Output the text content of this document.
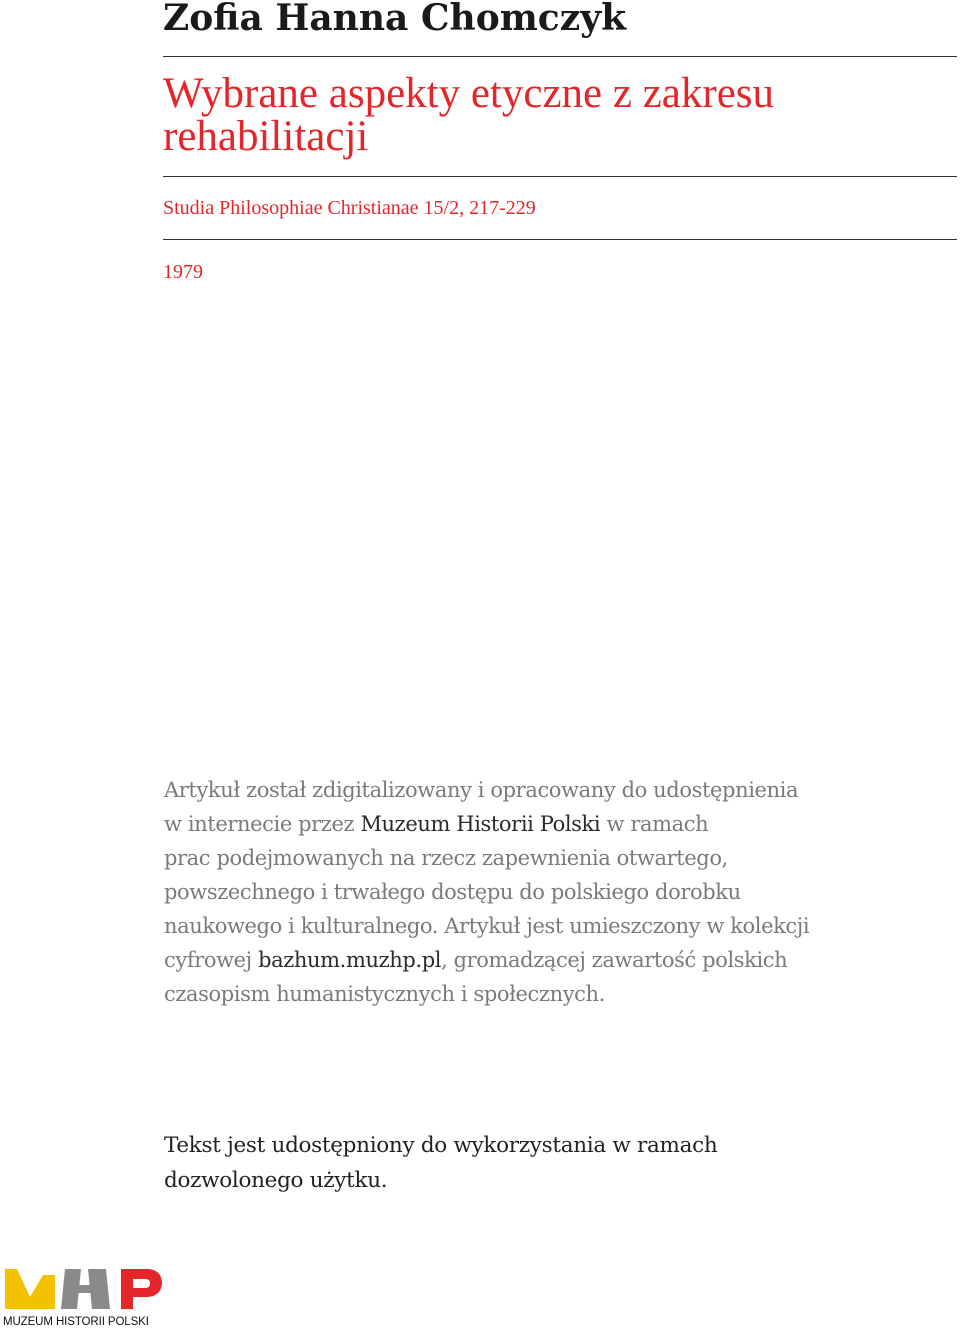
Zofia Hanna Chomczyk
Wybrane aspekty etyczne z zakresu rehabilitacji
Studia Philosophiae Christianae 15/2, 217-229
1979
Artykuł został zdigitalizowany i opracowany do udostępnienia
w internecie przez Muzeum Historii Polski w ramach
prac podejmowanych na rzecz zapewnienia otwartego,
powszechnego i trwałego dostępu do polskiego dorobku
naukowego i kulturalnego. Artykuł jest umieszczony w kolekcji
cyfrowej bazhum.muzhp.pl, gromadzącej zawartość polskich
czasopism humanistycznych i społecznych.
Tekst jest udostępniony do wykorzystania w ramach
dozwolonego użytku.
MUZEUM HISTORII POLSKI
